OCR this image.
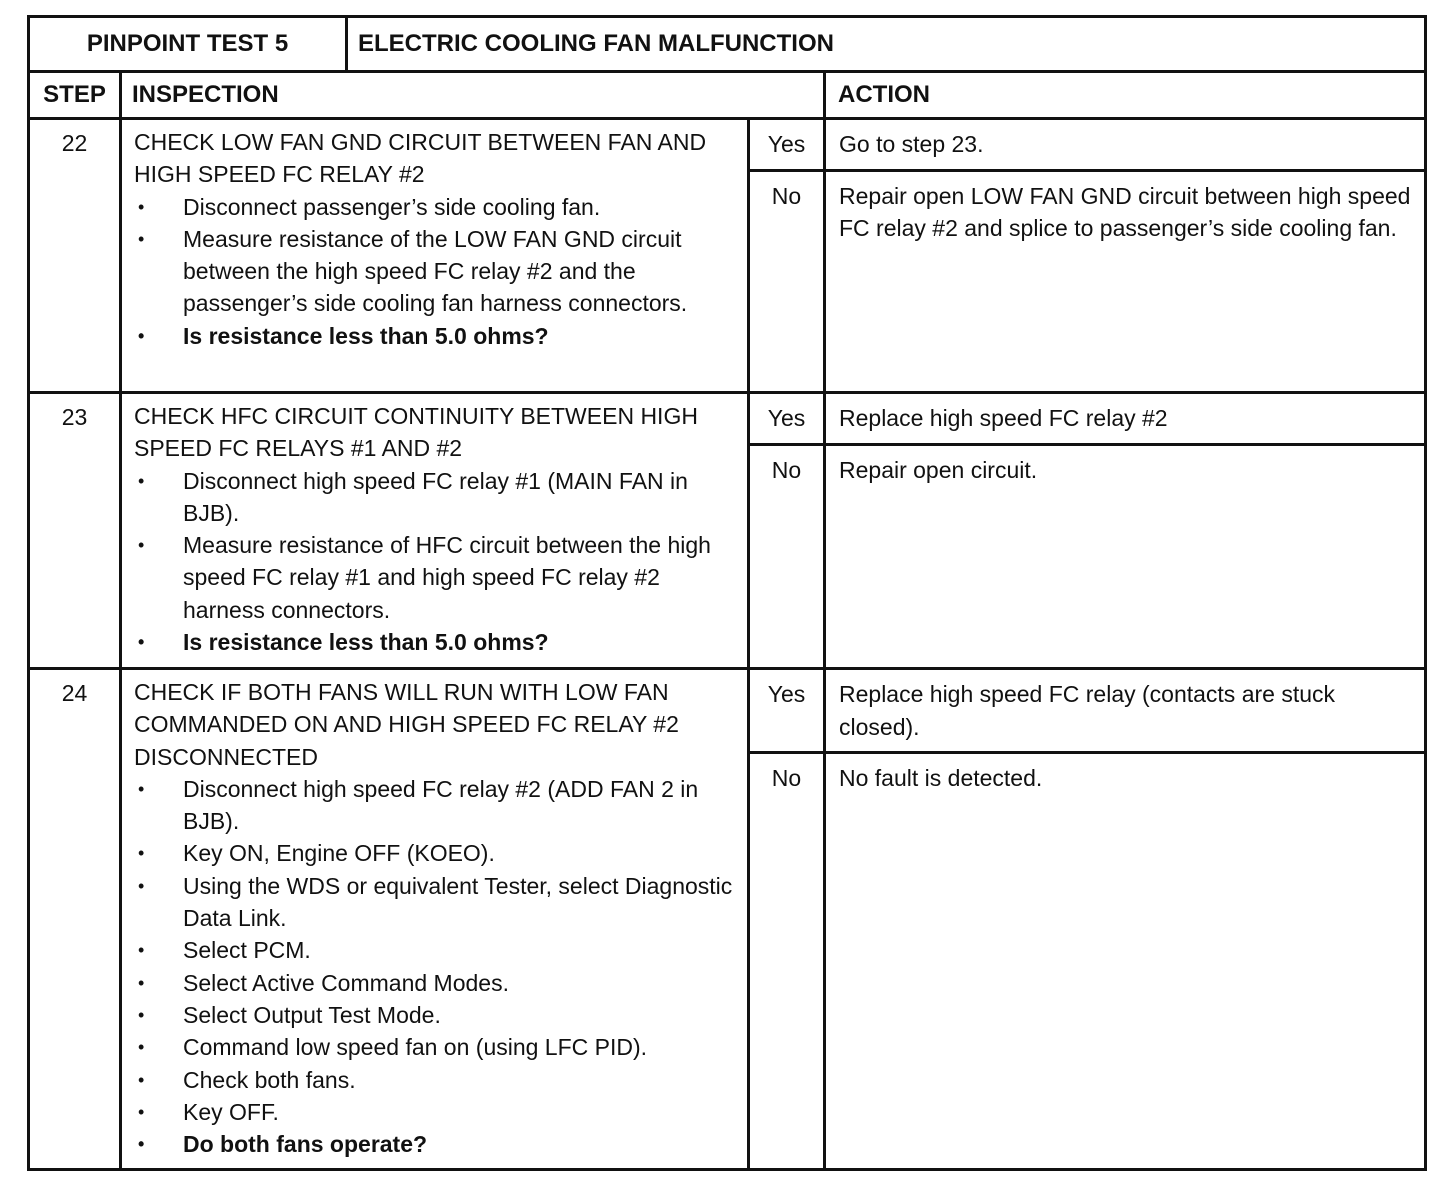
PINPOINT TEST 5	ELECTRIC COOLING FAN MALFUNCTION
STEP	INSPECTION	ACTION
22	CHECK LOW FAN GND CIRCUIT BETWEEN FAN AND HIGH SPEED FC RELAY #2
• Disconnect passenger’s side cooling fan.
• Measure resistance of the LOW FAN GND circuit between the high speed FC relay #2 and the passenger’s side cooling fan harness connectors.
• Is resistance less than 5.0 ohms?

Yes	Go to step 23.
No	Repair open LOW FAN GND circuit between high speed FC relay #2 and splice to passenger’s side cooling fan.

23	CHECK HFC CIRCUIT CONTINUITY BETWEEN HIGH SPEED FC RELAYS #1 AND #2
• Disconnect high speed FC relay #1 (MAIN FAN in BJB).
• Measure resistance of HFC circuit between the high speed FC relay #1 and high speed FC relay #2 harness connectors.
• Is resistance less than 5.0 ohms?

Yes	Replace high speed FC relay #2
No	Repair open circuit.

24	CHECK IF BOTH FANS WILL RUN WITH LOW FAN COMMANDED ON AND HIGH SPEED FC RELAY #2 DISCONNECTED
• Disconnect high speed FC relay #2 (ADD FAN 2 in BJB).
• Key ON, Engine OFF (KOEO).
• Using the WDS or equivalent Tester, select Diagnostic Data Link.
• Select PCM.
• Select Active Command Modes.
• Select Output Test Mode.
• Command low speed fan on (using LFC PID).
• Check both fans.
• Key OFF.
• Do both fans operate?

Yes	Replace high speed FC relay (contacts are stuck closed).
No	No fault is detected.
